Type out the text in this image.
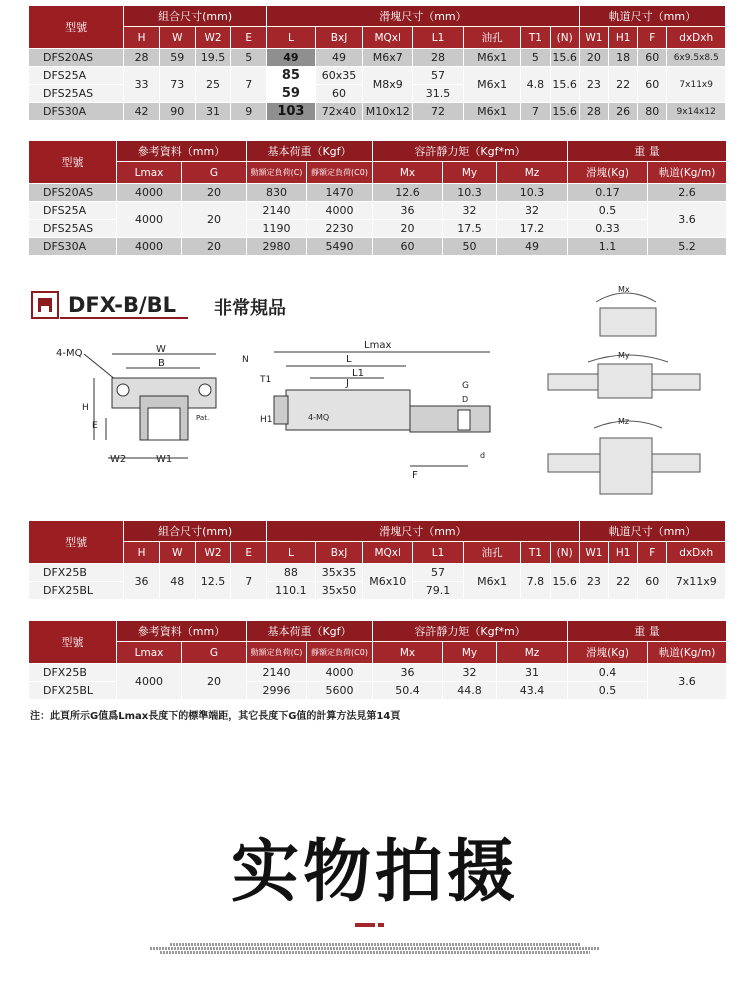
型號	組合尺寸(mm)				滑塊尺寸（mm）							軌道尺寸（mm）			
	H	W	W2	E	L	BxJ	MQxl	L1	油孔	T1	(N)	W1	H1	F	dxDxh
DFS20AS	28	59	19.5	5	49	49	M6x7	28	M6x1	5	15.6	20	18	60	6x9.5x8.5
DFS25A	33	73	25	7	85	60x35	M8x9	57	M6x1	4.8	15.6	23	22	60	7x11x9
DFS25AS					59	60		31.5							
DFS30A	42	90	31	9	103	72x40	M10x12	72	M6x1	7	15.6	28	26	80	9x14x12
型號	參考資料（mm）		基本荷重（Kgf）		容許靜力矩（Kgf*m）			重 量	
	Lmax	G	動額定負荷(C)	靜額定負荷(C0)	Mx	My	Mz	滑塊(Kg)	軌道(Kg/m)
DFS20AS	4000	20	830	1470	12.6	10.3	10.3	0.17	2.6
DFS25A	4000	20	2140	4000	36	32	32	0.5	3.6
DFS25AS			1190	2230	20	17.5	17.2	0.33	
DFS30A	4000	20	2980	5490	60	50	49	1.1	5.2
DFX-B/BL 非常規品
4-MQ	W
B
Pat.
H
E
W2	W1
N
Lmax
L
L1
J
T1
4-MQ
G
D
H1
d
F
Mx
My
Mz
型號	組合尺寸(mm)				滑塊尺寸（mm）							軌道尺寸（mm）			
	H	W	W2	E	L	BxJ	MQxl	L1	油孔	T1	(N)	W1	H1	F	dxDxh
DFX25B	36	48	12.5	7	88	35x35	M6x10	57	M6x1	7.8	15.6	23	22	60	7x11x9
DFX25BL					110.1	35x50		79.1							
型號	參考資料（mm）		基本荷重（Kgf）		容許靜力矩（Kgf*m）			重 量	
	Lmax	G	動額定負荷(C)	靜額定負荷(C0)	Mx	My	Mz	滑塊(Kg)	軌道(Kg/m)
DFX25B	4000	20	2140	4000	36	32	31	0.4	3.6
DFX25BL			2996	5600	50.4	44.8	43.4	0.5	
注：此頁所示G值爲Lmax長度下的標準端距，其它長度下G值的計算方法見第14頁
实物拍摄
